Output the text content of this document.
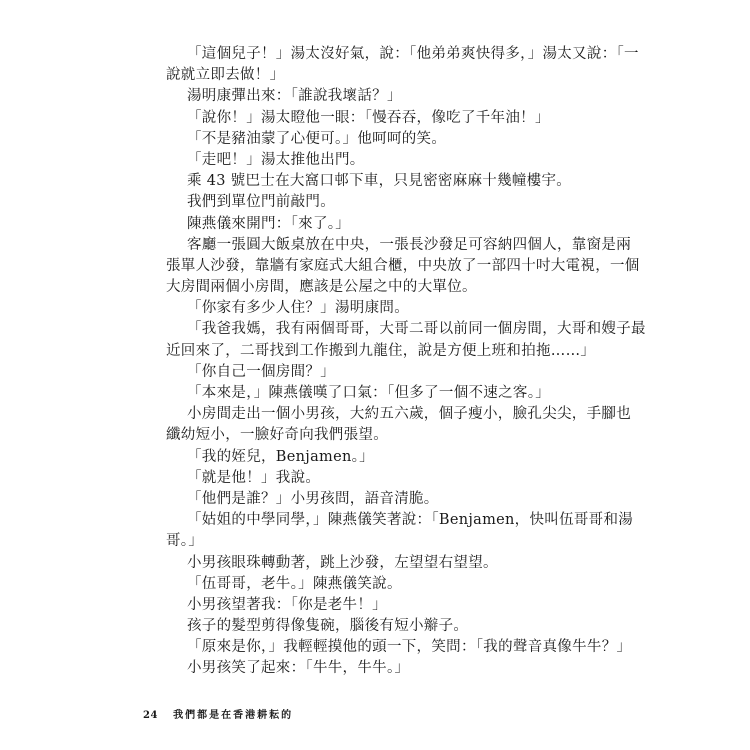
「這個兒子！」湯太沒好氣，說：「他弟弟爽快得多，」湯太又說：「一
說就立即去做！」
湯明康彈出來：「誰說我壞話？」
「說你！」湯太瞪他一眼：「慢吞吞，像吃了千年油！」
「不是豬油蒙了心便可。」他呵呵的笑。
「走吧！」湯太推他出門。
乘 43 號巴士在大窩口邨下車，只見密密麻麻十幾幢樓宇。
我們到單位門前敲門。
陳燕儀來開門：「來了。」
客廳一張圓大飯桌放在中央，一張長沙發足可容納四個人，靠窗是兩
張單人沙發，靠牆有家庭式大組合櫃，中央放了一部四十吋大電視，一個
大房間兩個小房間，應該是公屋之中的大單位。
「你家有多少人住？」湯明康問。
「我爸我媽，我有兩個哥哥，大哥二哥以前同一個房間，大哥和嫂子最
近回來了，二哥找到工作搬到九龍住，說是方便上班和拍拖……」
「你自己一個房間？」
「本來是，」陳燕儀嘆了口氣：「但多了一個不速之客。」
小房間走出一個小男孩，大約五六歲，個子瘦小，臉孔尖尖，手腳也
纖幼短小，一臉好奇向我們張望。
「我的姪兒，Benjamen。」
「就是他！」我說。
「他們是誰？」小男孩問，語音清脆。
「姑姐的中學同學，」陳燕儀笑著說：「Benjamen，快叫伍哥哥和湯
哥。」
小男孩眼珠轉動著，跳上沙發，左望望右望望。
「伍哥哥，老牛。」陳燕儀笑說。
小男孩望著我：「你是老牛！」
孩子的髮型剪得像隻碗，腦後有短小辮子。
「原來是你，」我輕輕摸他的頭一下，笑問：「我的聲音真像牛牛？」
小男孩笑了起來：「牛牛，牛牛。」
24 我們都是在香港耕耘的
